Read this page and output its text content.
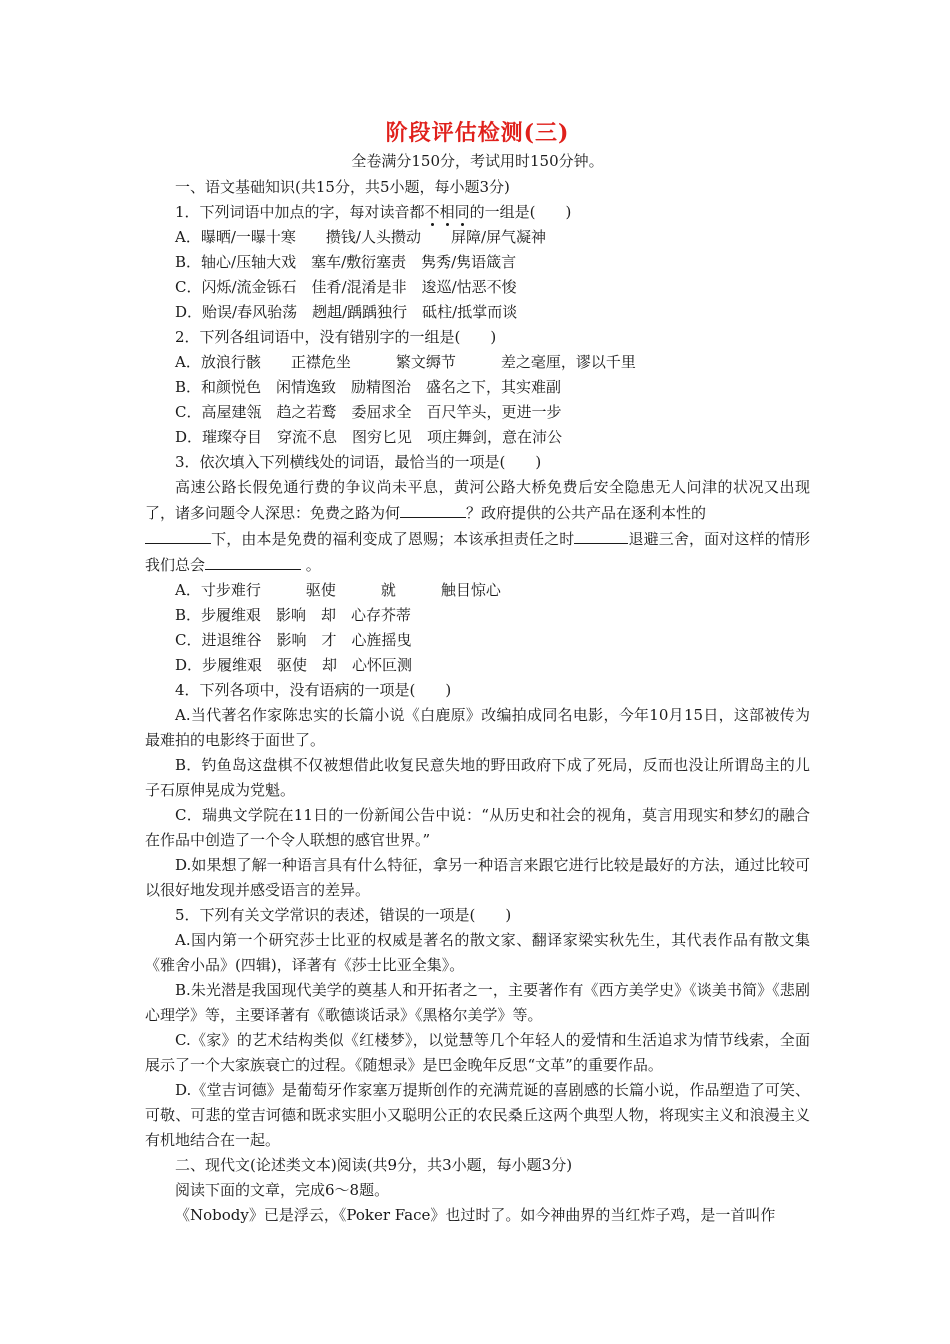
阶段评估检测(三)
全卷满分150分，考试用时150分钟。
一、语文基础知识(共15分，共5小题，每小题3分)
1．下列词语中加点的字，每对读音都不相同的一组是(　　)
A．曝晒/一曝十寒　　攒钱/人头攒动　　屏障/屏气凝神
B．轴心/压轴大戏　塞车/敷衍塞责　隽秀/隽语箴言
C．闪烁/流金铄石　佳肴/混淆是非　逡巡/怙恶不悛
D．贻误/春风骀荡　趔趄/踽踽独行　砥柱/抵掌而谈
2．下列各组词语中，没有错别字的一组是(　　)
A．放浪行骸　　正襟危坐　　　繁文缛节　　　差之毫厘，谬以千里
B．和颜悦色　闲情逸致　励精图治　盛名之下，其实难副
C．高屋建瓴　趋之若鹜　委屈求全　百尺竿头，更进一步
D．璀璨夺目　穿流不息　图穷匕见　项庄舞剑，意在沛公
3．依次填入下列横线处的词语，最恰当的一项是(　　)

高速公路长假免通行费的争议尚未平息，黄河公路大桥免费后安全隐患无人问津的状况又出现了，诸多问题令人深思：免费之路为何	？政府提供的公共产品在逐利本性的
下，由本是免费的福利变成了恩赐；本该承担责任之时	退避三舍，面对这样的情形我们总会	。

A．寸步难行　　　驱使　　　就　　　触目惊心
B．步履维艰　影响　却　心存芥蒂
C．进退维谷　影响　才　心旌摇曳
D．步履维艰　驱使　却　心怀叵测
4．下列各项中，没有语病的一项是(　　)

A.当代著名作家陈忠实的长篇小说《白鹿原》改编拍成同名电影，今年10月15日，这部被传为最难拍的电影终于面世了。

B．钓鱼岛这盘棋不仅被想借此收复民意失地的野田政府下成了死局，反而也没让所谓岛主的儿子石原伸晃成为党魁。

C．瑞典文学院在11日的一份新闻公告中说：“从历史和社会的视角，莫言用现实和梦幻的融合在作品中创造了一个令人联想的感官世界。”

D.如果想了解一种语言具有什么特征，拿另一种语言来跟它进行比较是最好的方法，通过比较可以很好地发现并感受语言的差异。

5．下列有关文学常识的表述，错误的一项是(　　)

A.国内第一个研究莎士比亚的权威是著名的散文家、翻译家梁实秋先生，其代表作品有散文集《雅舍小品》(四辑)，译著有《莎士比亚全集》。

B.朱光潜是我国现代美学的奠基人和开拓者之一，主要著作有《西方美学史》《谈美书简》《悲剧心理学》等，主要译著有《歌德谈话录》《黑格尔美学》等。

C.《家》的艺术结构类似《红楼梦》，以觉慧等几个年轻人的爱情和生活追求为情节线索，全面展示了一个大家族衰亡的过程。《随想录》是巴金晚年反思“文革”的重要作品。

D.《堂吉诃德》是葡萄牙作家塞万提斯创作的充满荒诞的喜剧感的长篇小说，作品塑造了可笑、可敬、可悲的堂吉诃德和既求实胆小又聪明公正的农民桑丘这两个典型人物，将现实主义和浪漫主义有机地结合在一起。

二、现代文(论述类文本)阅读(共9分，共3小题，每小题3分)
阅读下面的文章，完成6～8题。
《Nobody》已是浮云，《Poker Face》也过时了。如今神曲界的当红炸子鸡，是一首叫作
